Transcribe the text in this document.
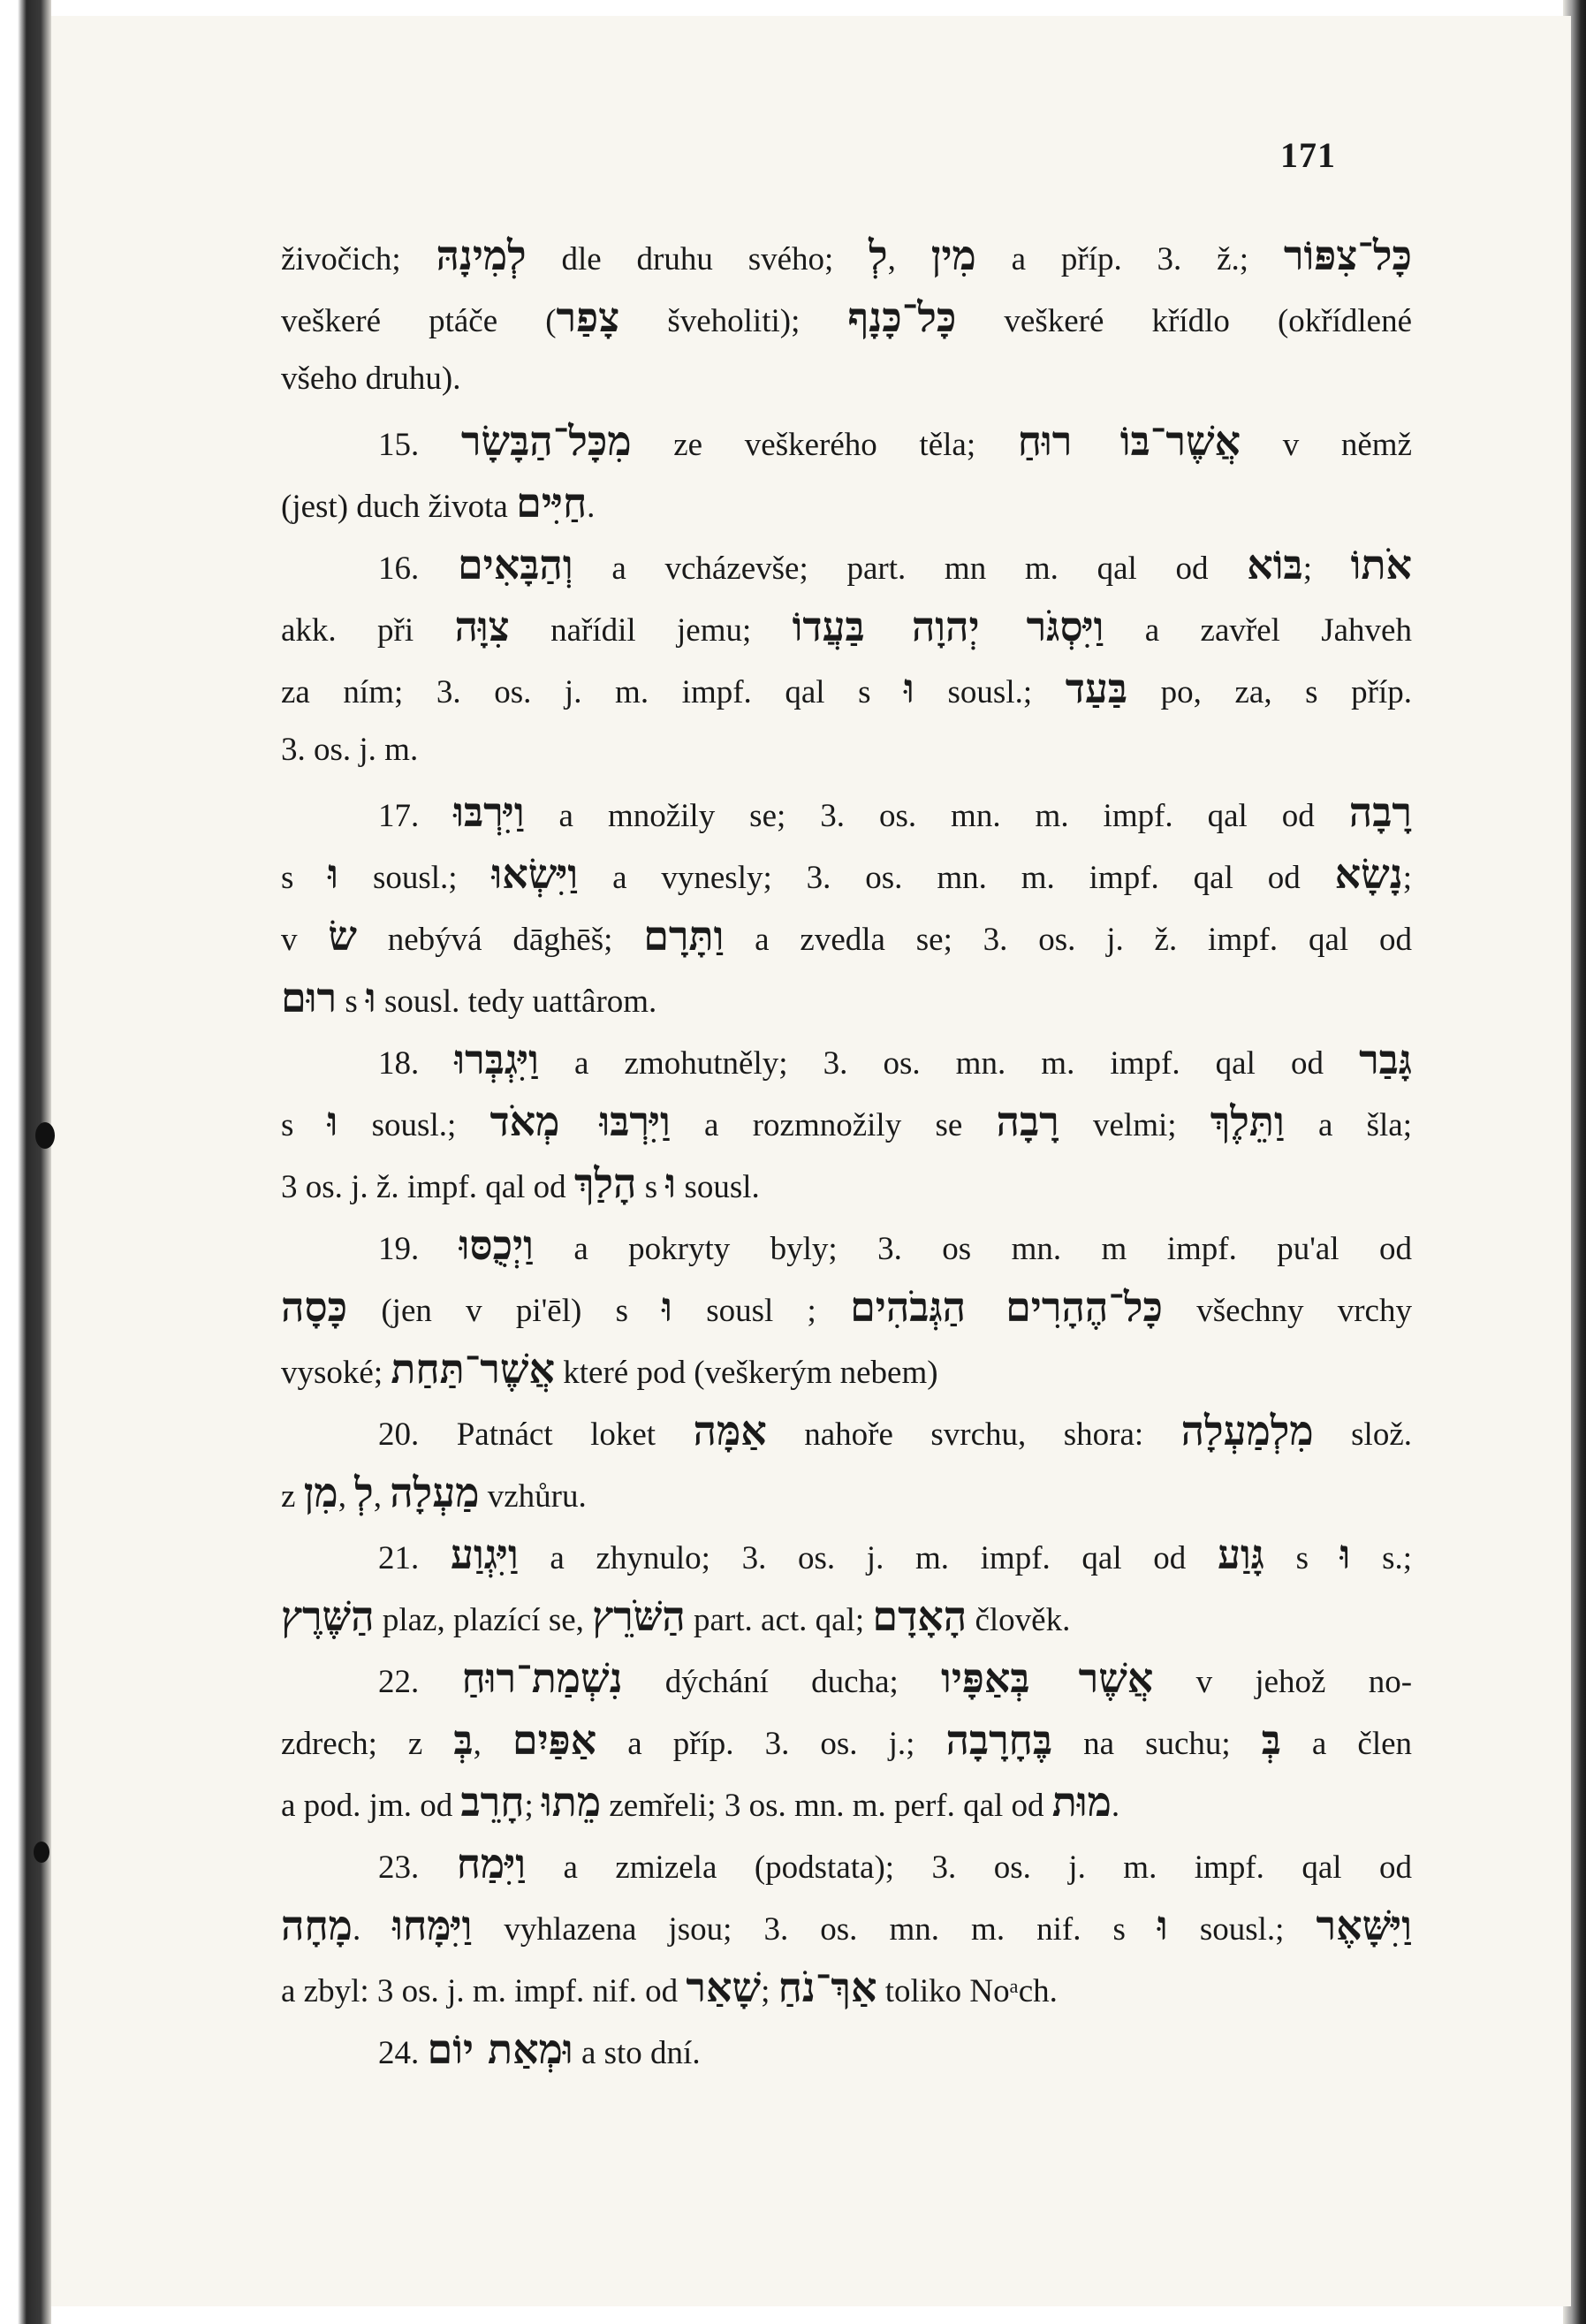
171
živočich; לְמִינָהּ dle druhu svého; לְ, מִין a příp. 3. ž.; כָּל־צִפּוֹר
veškeré ptáče (צָפַר šveholiti); כָּל־כָּנָף veškeré křídlo (okřídlené
všeho druhu).
15. מִכָּל־הַבָּשָׂר ze veškerého těla; אֲשֶׁר־בּוֹ רוּחַ v němž
(jest) duch života חַיִּים.
16. וְהַבָּאִים a vcházevše; part. mn m. qal od בּוֹא; אֹתוֹ
akk. při צִוָּה nařídil jemu; וַיִּסְגֹּר יְהוָה בַּעֲדוֹ a zavřel Jahveh
za ním; 3. os. j. m. impf. qal s וּ sousl.; בַּעַד po, za, s příp.
3. os. j. m.
17. וַיִּרְבּוּ a množily se; 3. os. mn. m. impf. qal od רָבָה
s וּ sousl.; וַיִּשְׂאוּ a vynesly; 3. os. mn. m. impf. qal od נָשָׂא;
v שׂ nebývá dāghēš; וַתָּרָם a zvedla se; 3. os. j. ž. impf. qal od
רוּם s וּ sousl. tedy uattârom.
18. וַיִּגְבְּרוּ a zmohutněly; 3. os. mn. m. impf. qal od גָּבַר
s וּ sousl.; וַיִּרְבּוּ מְאֹד a rozmnožily se רָבָה velmi; וַתֵּלֶךְ a šla;
3 os. j. ž. impf. qal od הָלַךְ s וּ sousl.
19. וַיְכֻסּוּ a pokryty byly; 3. os mn. m impf. pu'al od
כָּסָה (jen v pi'ēl) s וּ sousl ; כָּל־הֶהָרִים הַגְּבֹהִים všechny vrchy
vysoké; אֲשֶׁר־תַּחַת které pod (veškerým nebem)
20. Patnáct loket אַמָּה nahoře svrchu, shora: מִלְמַעְלָה slož.
z מִן, לְ, מַעְלָה vzhůru.
21. וַיִּגְוַע a zhynulo; 3. os. j. m. impf. qal od גָּוַע s וּ s.;
הַשֶּׁרֶץ plaz, plazící se, הַשֹּׁרֵץ part. act. qal; הָאָדָם člověk.
22. נִשְׁמַת־רוּחַ dýchání ducha; אֲשֶׁר בְּאַפָּיו v jehož no-
zdrech; z בְּ, אַפַּיִם a příp. 3. os. j.; בֶּחָרָבָה na suchu; בְּ a člen
a pod. jm. od חָרֵב; מֵתוּ zemřeli; 3 os. mn. m. perf. qal od מוּת.
23. וַיִּמַח a zmizela (podstata); 3. os. j. m. impf. qal od
מָחָה. וַיִּמָּחוּ vyhlazena jsou; 3. os. mn. m. nif. s וּ sousl.; וַיִּשָּׁאֶר
a zbyl: 3 os. j. m. impf. nif. od שָׁאַר; אַךְ־נֹחַ toliko Noᵃch.
24. וּמְאַת יוֹם a sto dní.
